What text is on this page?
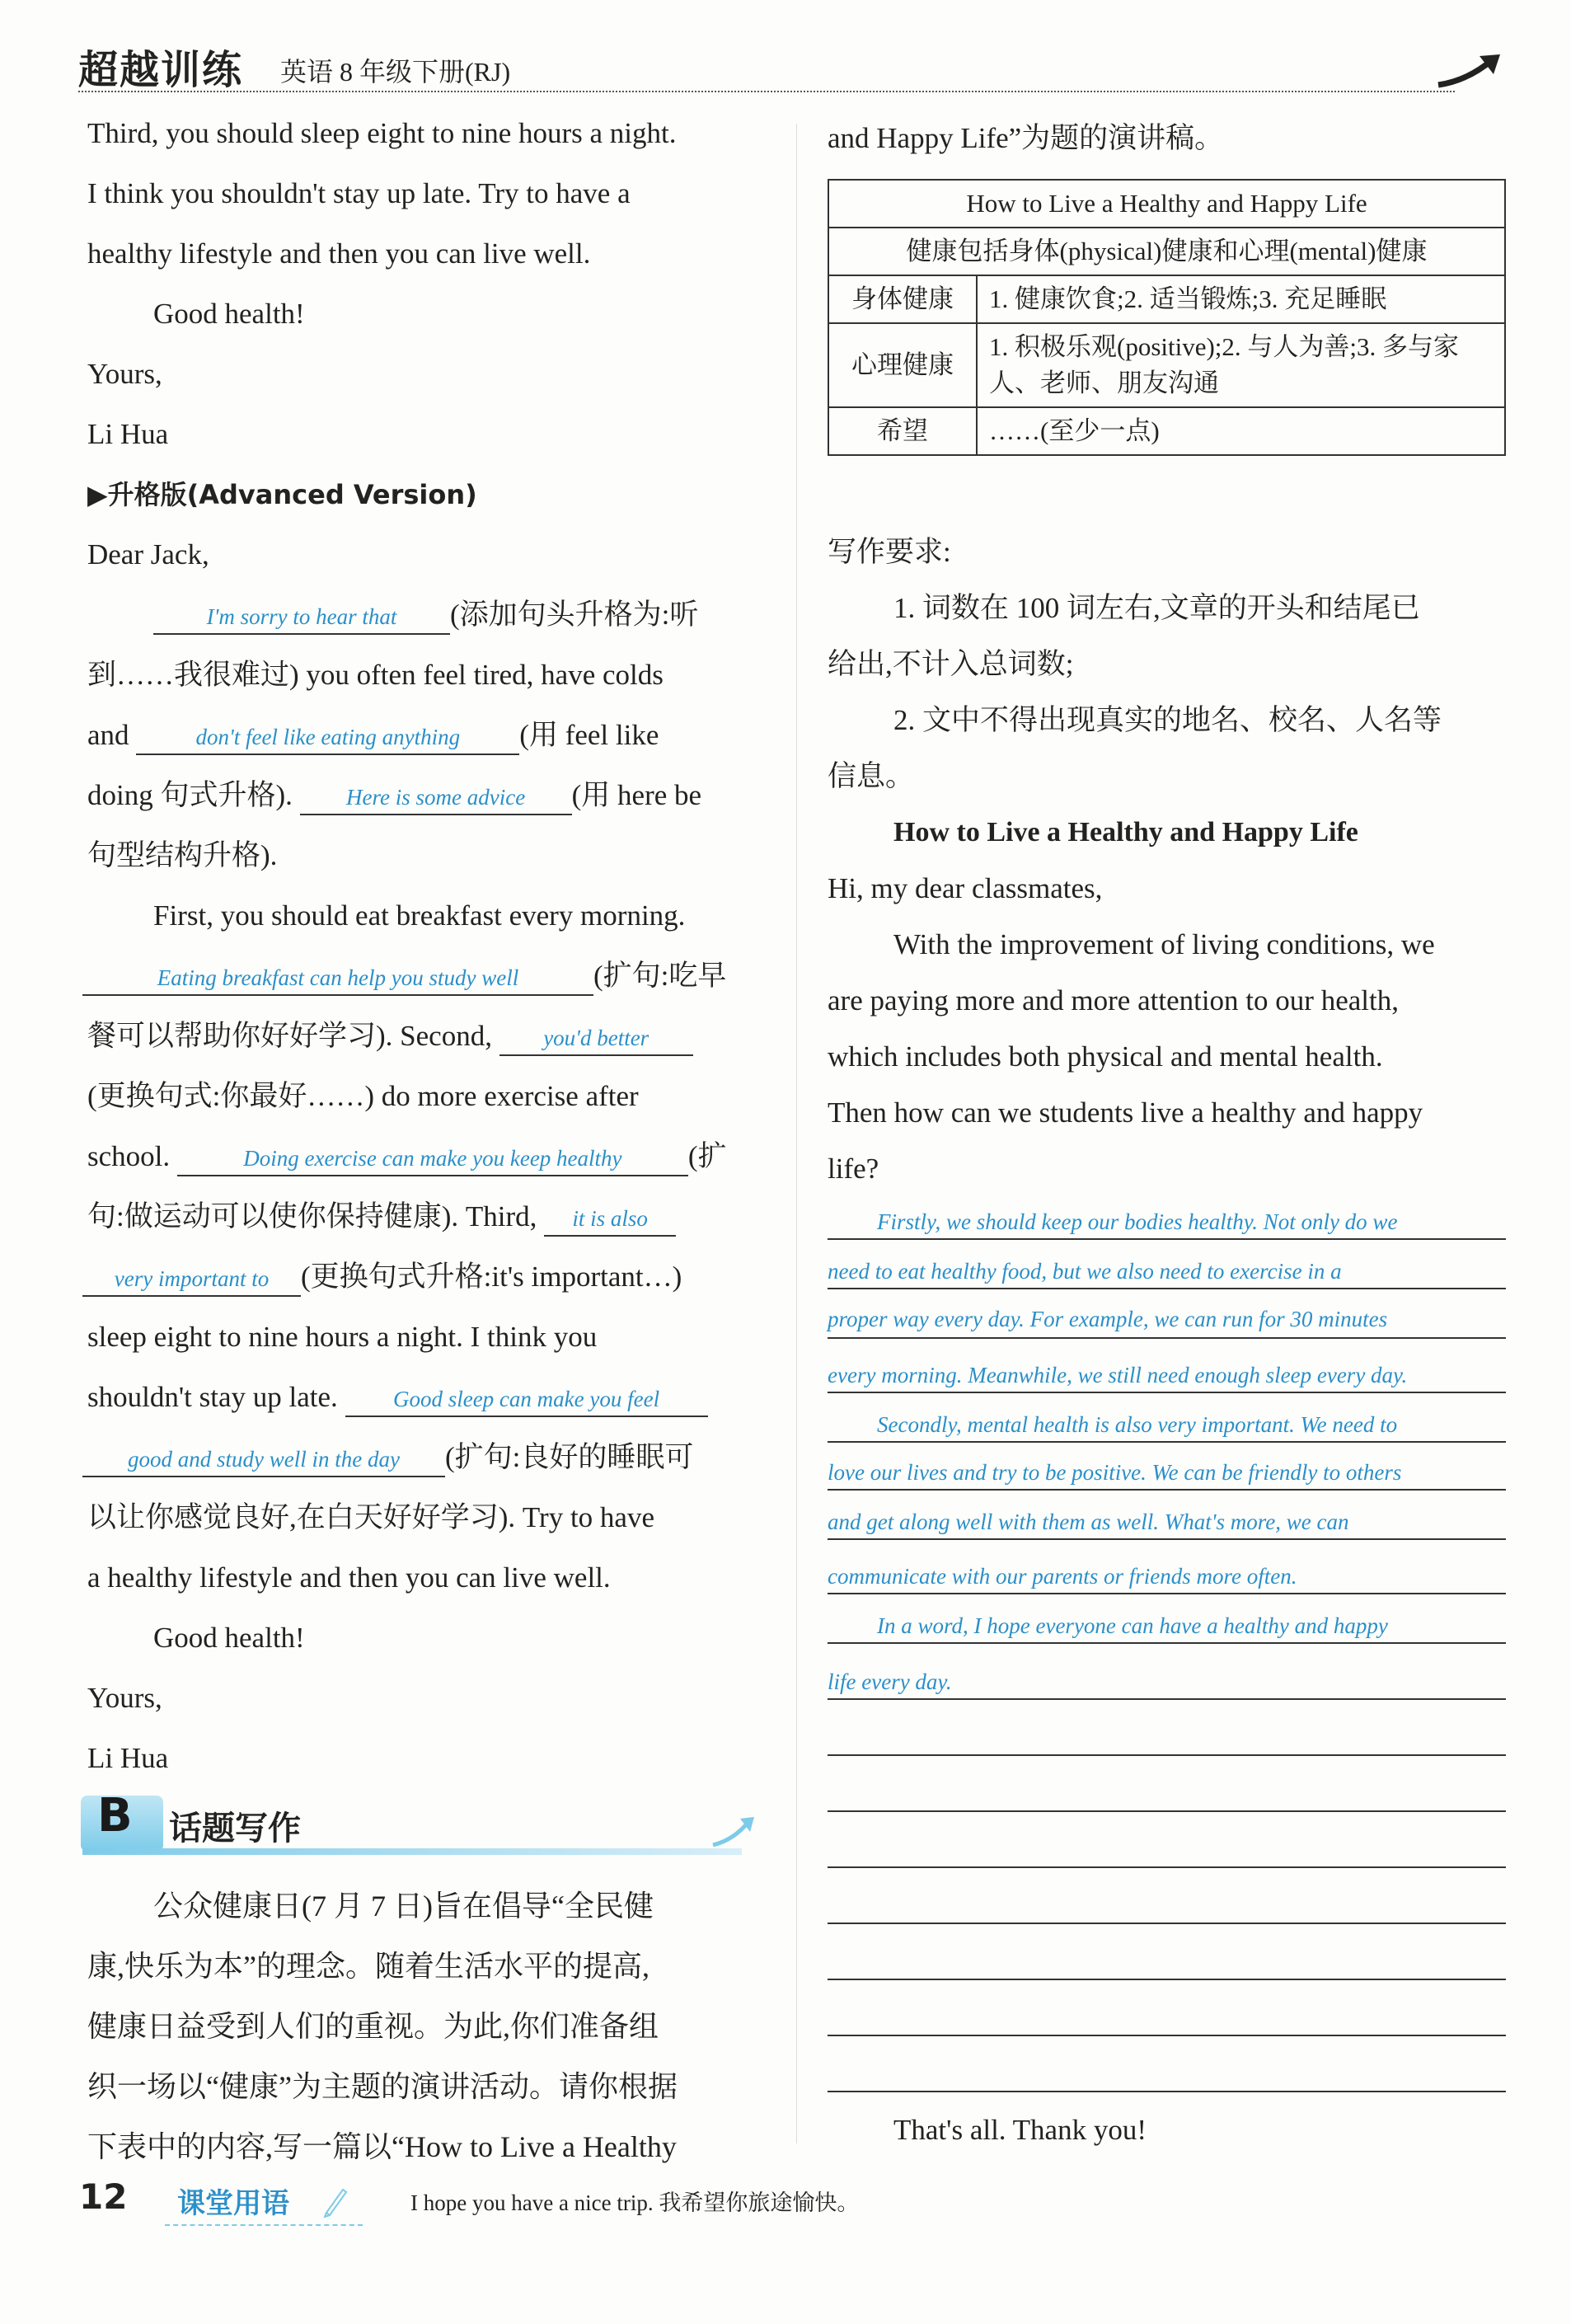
超越训练 英语 8 年级下册(RJ)
Third, you should sleep eight to nine hours a night.
I think you shouldn't stay up late. Try to have a
healthy lifestyle and then you can live well.
Good health!
Yours,
Li Hua
▶升格版(Advanced Version)
Dear Jack,
I'm sorry to hear that (添加句头升格为:听
到……我很难过) you often feel tired, have colds
and	don't feel like eating anything (用 feel like
doing 句式升格). Here is some advice (用 here be
句型结构升格).
First, you should eat breakfast every morning.
Eating breakfast can help you study well	(扩句:吃早
餐可以帮助你好好学习). Second, you'd better
(更换句式:你最好……) do more exercise after
school.	Doing exercise can make you keep healthy (扩
句:做运动可以使你保持健康). Third, it is also
very important to (更换句式升格:it's important…)
sleep eight to nine hours a night. I think you
shouldn't stay up late. Good sleep can make you feel
good and study well in the day (扩句:良好的睡眠可
以让你感觉良好,在白天好好学习). Try to have
a healthy lifestyle and then you can live well.
Good health!
Yours,
Li Hua
B 话题写作
公众健康日(7 月 7 日)旨在倡导“全民健
康,快乐为本”的理念。随着生活水平的提高,
健康日益受到人们的重视。为此,你们准备组
织一场以“健康”为主题的演讲活动。请你根据
下表中的内容,写一篇以“How to Live a Healthy
and Happy Life”为题的演讲稿。
How to Live a Healthy and Happy Life	
健康包括身体(physical)健康和心理(mental)健康	
身体健康	1. 健康饮食;2. 适当锻炼;3. 充足睡眠
心理健康	1. 积极乐观(positive);2. 与人为善;3. 多与家人、老师、朋友沟通
希望	……(至少一点)
写作要求:
1. 词数在 100 词左右,文章的开头和结尾已
给出,不计入总词数;
2. 文中不得出现真实的地名、校名、人名等
信息。
How to Live a Healthy and Happy Life
Hi, my dear classmates,
With the improvement of living conditions, we
are paying more and more attention to our health,
which includes both physical and mental health.
Then how can we students live a healthy and happy
life?
Firstly, we should keep our bodies healthy. Not only do we
need to eat healthy food, but we also need to exercise in a
proper way every day. For example, we can run for 30 minutes
every morning. Meanwhile, we still need enough sleep every day.
Secondly, mental health is also very important. We need to
love our lives and try to be positive. We can be friendly to others
and get along well with them as well. What's more, we can
communicate with our parents or friends more often.
In a word, I hope everyone can have a healthy and happy
life every day.
That's all. Thank you!
12 课堂用语	I hope you have a nice trip. 我希望你旅途愉快。
